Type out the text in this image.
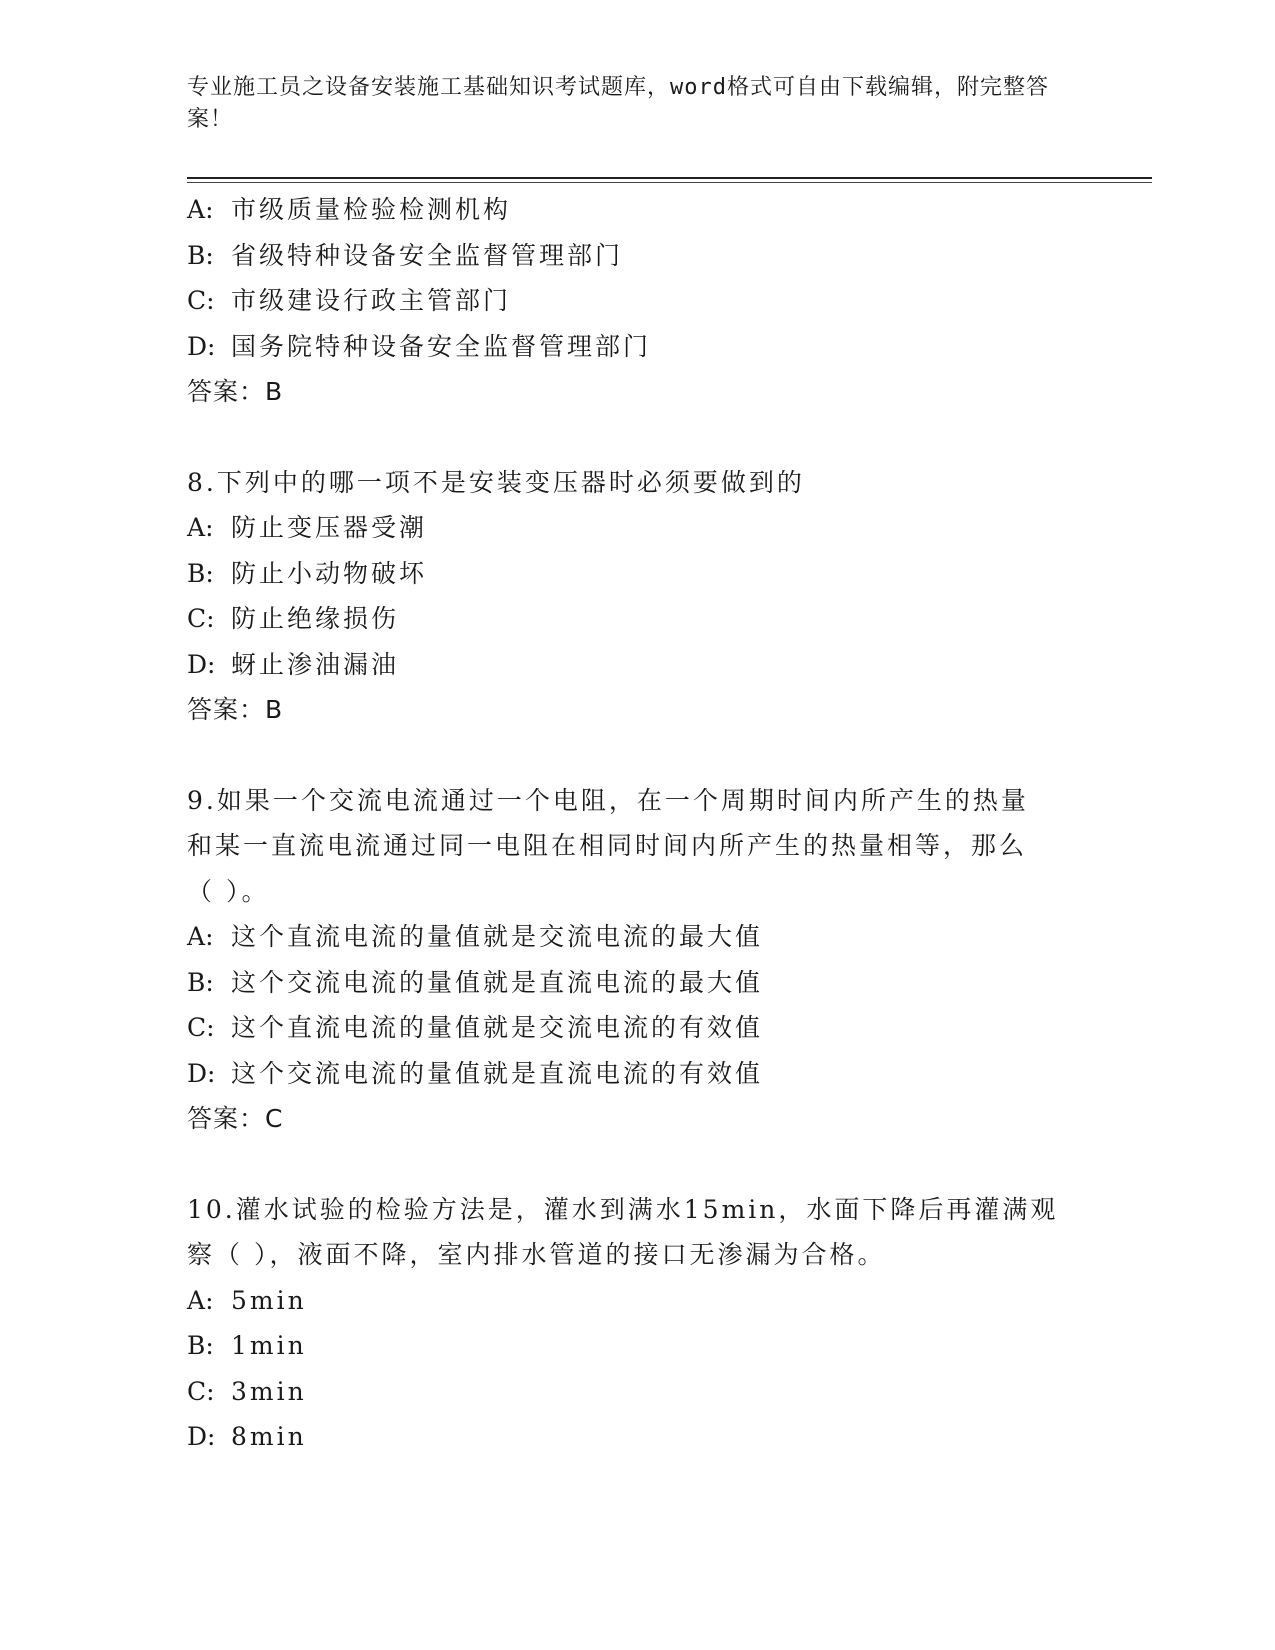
专业施工员之设备安装施工基础知识考试题库，word格式可自由下载编辑，附完整答案！
A : 市级质量检验检测机构
B : 省级特种设备安全监督管理部门
C : 市级建设行政主管部门
D : 国务院特种设备安全监督管理部门
答案：B
8.下列中的哪一项不是安装变压器时必须要做到的
A : 防止变压器受潮
B : 防止小动物破坏
C : 防止绝缘损伤
D : 蚜止渗油漏油
答案：B
9.如果一个交流电流通过一个电阻，在一个周期时间内所产生的热量
和某一直流电流通过同一电阻在相同时间内所产生的热量相等，那么
（ ）。
A : 这个直流电流的量值就是交流电流的最大值
B : 这个交流电流的量值就是直流电流的最大值
C : 这个直流电流的量值就是交流电流的有效值
D : 这个交流电流的量值就是直流电流的有效值
答案：C
10.灌水试验的检验方法是，灌水到满水15min，水面下降后再灌满观
察（ ），液面不降，室内排水管道的接口无渗漏为合格。
A : 5min
B : 1min
C : 3min
D : 8min
